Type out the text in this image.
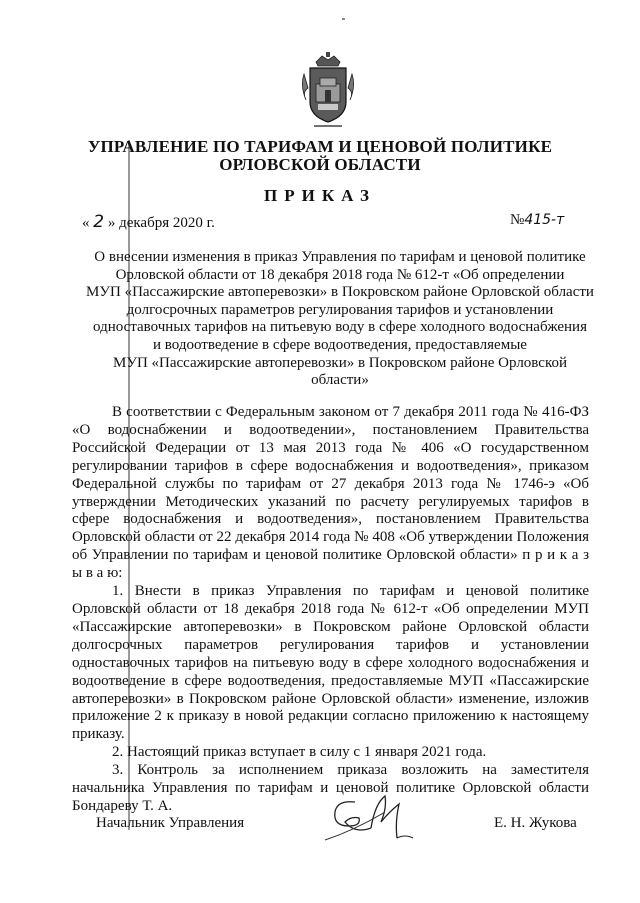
УПРАВЛЕНИЕ ПО ТАРИФАМ И ЦЕНОВОЙ ПОЛИТИКЕ
ОРЛОВСКОЙ ОБЛАСТИ
ПРИКАЗ
« 2 » декабря 2020 г.	№415-т
О внесении изменения в приказ Управления по тарифам и ценовой политике
Орловской области от 18 декабря 2018 года № 612-т «Об определении
МУП «Пассажирские автоперевозки» в Покровском районе Орловской области
долгосрочных параметров регулирования тарифов и установлении
одноставочных тарифов на питьевую воду в сфере холодного водоснабжения
и водоотведение в сфере водоотведения, предоставляемые
МУП «Пассажирские автоперевозки» в Покровском районе Орловской
области»
В соответствии с Федеральным законом от 7 декабря 2011 года № 416-ФЗ «О водоснабжении и водоотведении», постановлением Правительства Российской Федерации от 13 мая 2013 года № 406 «О государственном регулировании тарифов в сфере водоснабжения и водоотведения», приказом Федеральной службы по тарифам от 27 декабря 2013 года № 1746-э «Об утверждении Методических указаний по расчету регулируемых тарифов в сфере водоснабжения и водоотведения», постановлением Правительства Орловской области от 22 декабря 2014 года № 408 «Об утверждении Положения об Управлении по тарифам и ценовой политике Орловской области» п р и к а з ы в а ю:
1. Внести в приказ Управления по тарифам и ценовой политике Орловской области от 18 декабря 2018 года № 612-т «Об определении МУП «Пассажирские автоперевозки» в Покровском районе Орловской области долгосрочных параметров регулирования тарифов и установлении одноставочных тарифов на питьевую воду в сфере холодного водоснабжения и водоотведение в сфере водоотведения, предоставляемые МУП «Пассажирские автоперевозки» в Покровском районе Орловской области» изменение, изложив приложение 2 к приказу в новой редакции согласно приложению к настоящему приказу.
2. Настоящий приказ вступает в силу с 1 января 2021 года.
3. Контроль за исполнением приказа возложить на заместителя начальника Управления по тарифам и ценовой политике Орловской области Бондареву Т. А.
Начальник Управления	Е. Н. Жукова
